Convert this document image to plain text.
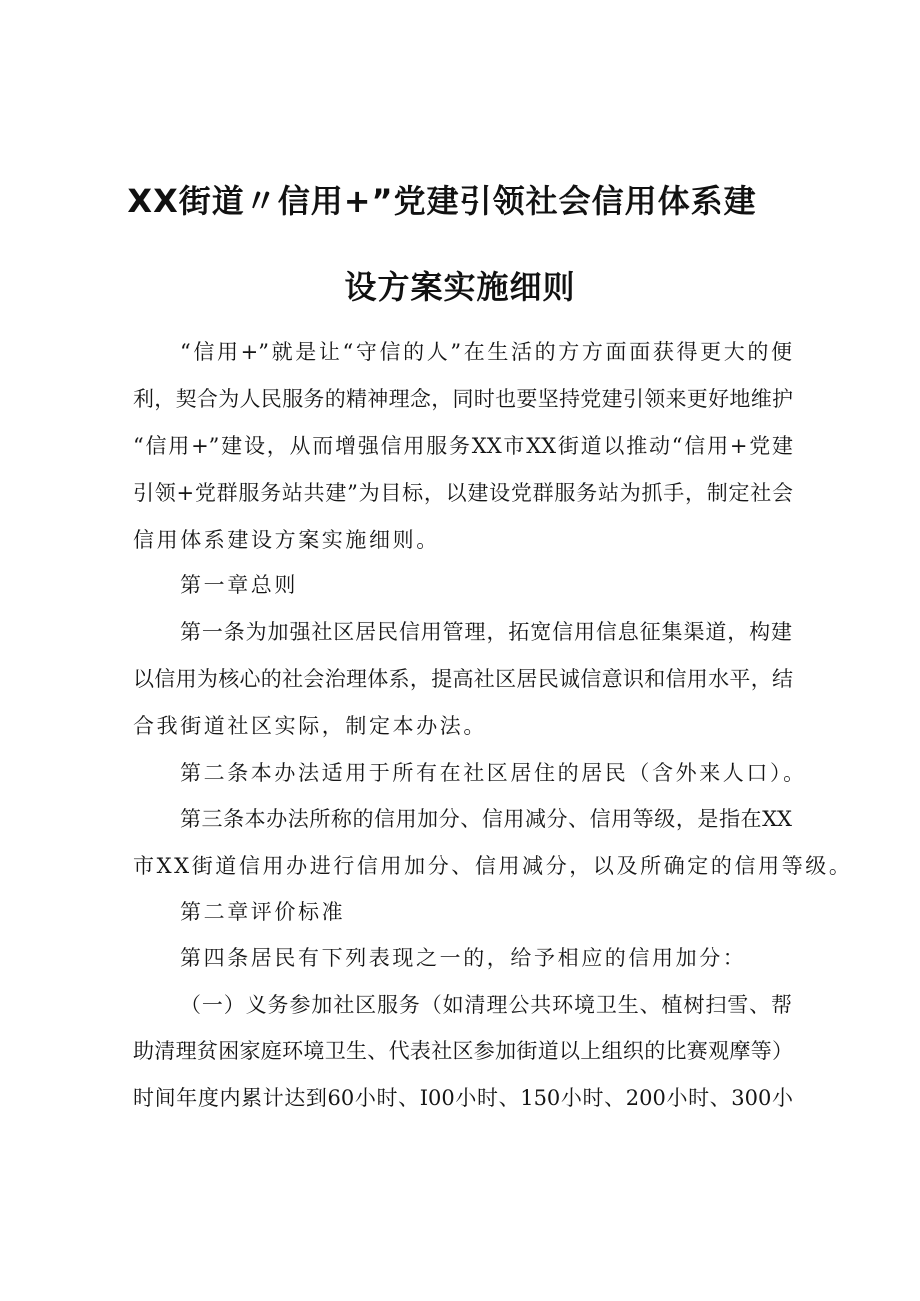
XX街道〃信用+”党建引领社会信用体系建
设方案实施细则
“信用+”就是让“守信的人”在生活的方方面面获得更大的便
利，契合为人民服务的精神理念，同时也要坚持党建引领来更好地维护
“信用+”建设，从而增强信用服务XX市XX街道以推动“信用+党建
引领+党群服务站共建”为目标，以建设党群服务站为抓手，制定社会
信用体系建设方案实施细则。
第一章总则
第一条为加强社区居民信用管理，拓宽信用信息征集渠道，构建
以信用为核心的社会治理体系，提高社区居民诚信意识和信用水平，结
合我街道社区实际，制定本办法。
第二条本办法适用于所有在社区居住的居民（含外来人口）。
第三条本办法所称的信用加分、信用减分、信用等级，是指在XX
市XX街道信用办进行信用加分、信用减分，以及所确定的信用等级。
第二章评价标准
第四条居民有下列表现之一的，给予相应的信用加分：
（一）义务参加社区服务（如清理公共环境卫生、植树扫雪、帮
助清理贫困家庭环境卫生、代表社区参加街道以上组织的比赛观摩等）
时间年度内累计达到60小时、I00小时、150小时、200小时、300小
